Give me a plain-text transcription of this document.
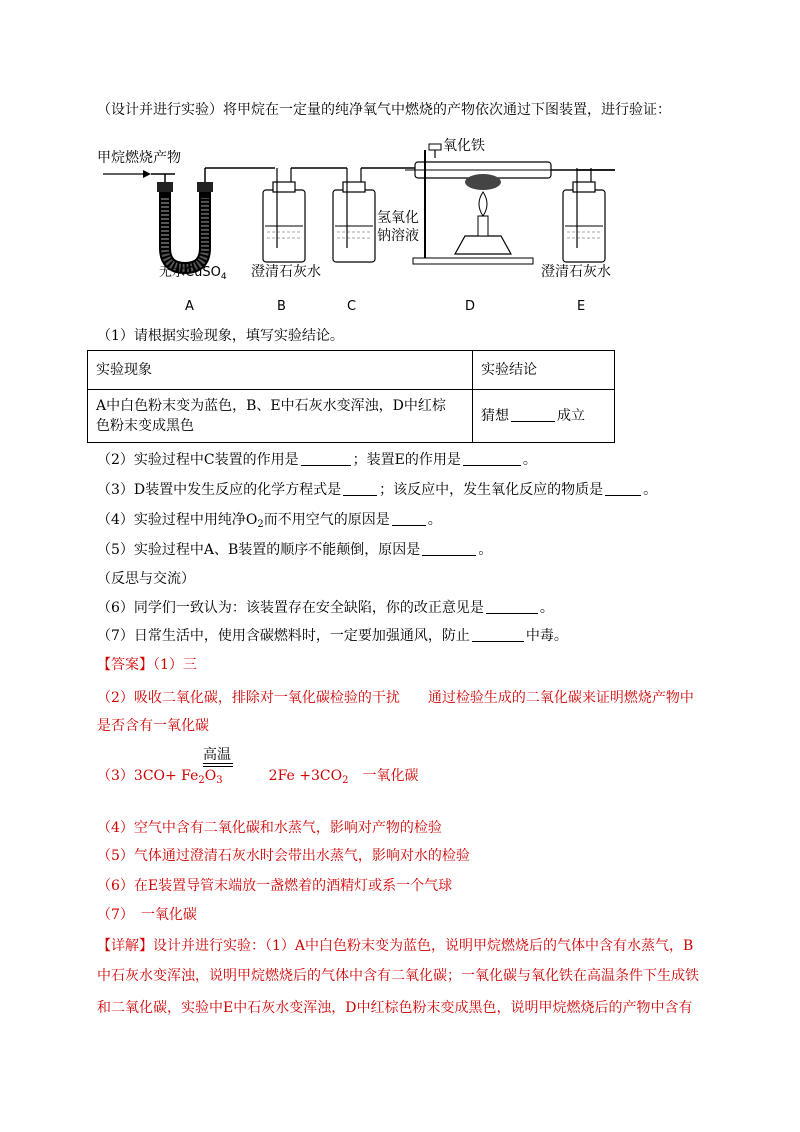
（设计并进行实验）将甲烷在一定量的纯净氧气中燃烧的产物依次通过下图装置，进行验证：
甲烷燃烧产物
氢氧化
钠溶液
氧化铁
无水CuSO$_4$ 澄清石灰水	澄清石灰水
A	B	C	D	E
（1）请根据实验现象，填写实验结论。
实验现象	实验结论

A中白色粉末变为蓝色，B、E中石灰水变浑浊，D中红棕
色粉末变成黑色	猜想 成立
（2）实验过程中C装置的作用是	；装置E的作用是	。
（3）D装置中发生反应的化学方程式是	；该反应中，发生氧化反应的物质是	。
（4）实验过程中用纯净$O_2$而不用空气的原因是	。
（5）实验过程中A、B装置的顺序不能颠倒，原因是	。
（反思与交流）
（6）同学们一致认为：该装置存在安全缺陷，你的改正意见是	。
（7）日常生活中，使用含碳燃料时，一定要加强通风，防止	中毒。
【答案】（1）三
（2）吸收二氧化碳，排除对一氧化碳检验的干扰　　通过检验生成的二氧化碳来证明燃烧产物中
是否含有一氧化碳
高温
$(3)3CO+ Fe_2O_3$	$2Fe +3CO_2$　一氧化碳
（4）空气中含有二氧化碳和水蒸气，影响对产物的检验
（5）气体通过澄清石灰水时会带出水蒸气，影响对水的检验
（6）在E装置导管末端放一盏燃着的酒精灯或系一个气球
（7）　一氧化碳
【详解】设计并进行实验：（1）A中白色粉末变为蓝色，说明甲烷燃烧后的气体中含有水蒸气，B
中石灰水变浑浊，说明甲烷燃烧后的气体中含有二氧化碳；一氧化碳与氧化铁在高温条件下生成铁
和二氧化碳，实验中E中石灰水变浑浊，D中红棕色粉末变成黑色，说明甲烷燃烧后的产物中含有
